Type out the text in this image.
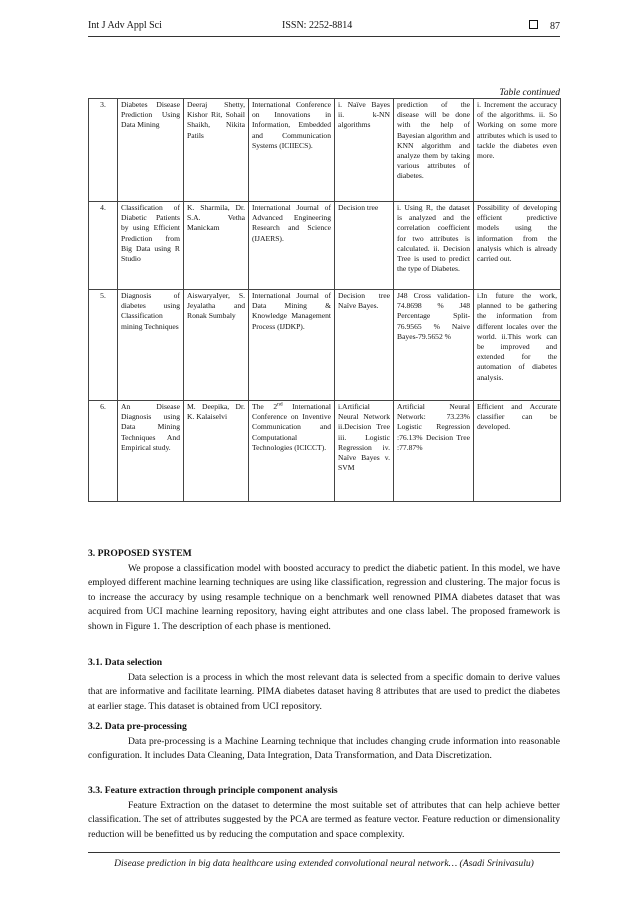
Int J Adv Appl Sci	ISSN: 2252-8814	87
Table continued
3.	Diabetes Disease Prediction Using Data Mining	Deeraj Shetty, Kishor Rit, Sohail Shaikh, Nikita Patils	International Conference on Innovations in Information, Embedded and Communication Systems (ICIIECS).	i. Naïve Bayes ii. k-NN algorithms	prediction of the disease will be done with the help of Bayesian algorithm and KNN algorithm and analyze them by taking various attributes of diabetes.	i. Increment the accuracy of the algorithms. ii. So Working on some more attributes which is used to tackle the diabetes even more.
4.	Classification of Diabetic Patients by using Efficient Prediction from Big Data using R Studio	K. Sharmila, Dr. S.A. Vetha Manickam	International Journal of Advanced Engineering Research and Science (IJAERS).	Decision tree	i. Using R, the dataset is analyzed and the correlation coefficient for two attributes is calculated. ii. Decision Tree is used to predict the type of Diabetes.	Possibility of developing efficient predictive models using the information from the analysis which is already carried out.
5.	Diagnosis of diabetes using Classification mining Techniques	AiswaryaIyer, S. Jeyalatha and Ronak Sumbaly	International Journal of Data Mining & Knowledge Management Process (IJDKP).	Decision tree Naïve Bayes.	J48 Cross validation-74.8698 % J48 Percentage Split-76.9565 % Naive Bayes-79.5652 %	i.In future the work, planned to be gathering the information from different locales over the world. ii.This work can be improved and extended for the automation of diabetes analysis.
6.	An Disease Diagnosis using Data Mining Techniques And Empirical study.	M. Deepika, Dr. K. Kalaiselvi	The 2nd International Conference on Inventive Communication and Computational Technologies (ICICCT).	i.Artificial Neural Network ii.Decision Tree iii. Logistic Regression iv. Naïve Bayes v. SVM	Artificial Neural Network: 73.23% Logistic Regression :76.13% Decision Tree :77.87%	Efficient and Accurate classifier can be developed.
3. PROPOSED SYSTEM

We propose a classification model with boosted accuracy to predict the diabetic patient. In this model, we have employed different machine learning techniques are using like classification, regression and clustering. The major focus is to increase the accuracy by using resample technique on a benchmark well renowned PIMA diabetes dataset that was acquired from UCI machine learning repository, having eight attributes and one class label. The proposed framework is shown in Figure 1. The description of each phase is mentioned.

3.1. Data selection

Data selection is a process in which the most relevant data is selected from a specific domain to derive values that are informative and facilitate learning. PIMA diabetes dataset having 8 attributes that are used to predict the diabetes at earlier stage. This dataset is obtained from UCI repository.

3.2. Data pre-processing

Data pre-processing is a Machine Learning technique that includes changing crude information into reasonable configuration. It includes Data Cleaning, Data Integration, Data Transformation, and Data Discretization.

3.3. Feature extraction through principle component analysis

Feature Extraction on the dataset to determine the most suitable set of attributes that can help achieve better classification. The set of attributes suggested by the PCA are termed as feature vector. Feature reduction or dimensionality reduction will be benefitted us by reducing the computation and space complexity.

Disease prediction in big data healthcare using extended convolutional neural network… (Asadi Srinivasulu)
